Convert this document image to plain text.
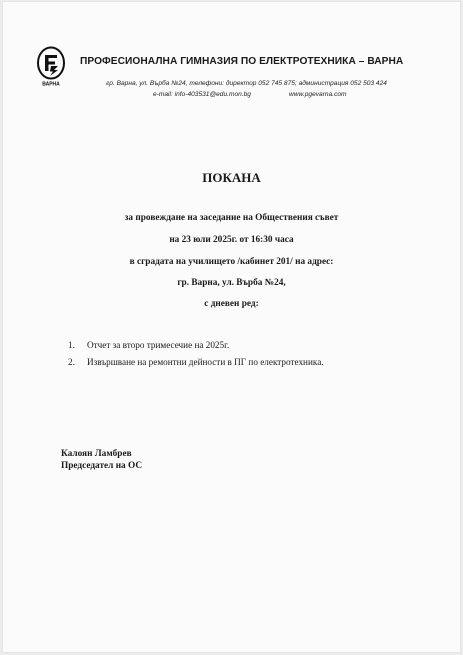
ВАРНА
ПРОФЕСИОНАЛНА ГИМНАЗИЯ ПО ЕЛЕКТРОТЕХНИКА – ВАРНА
гр. Варна, ул. Върба №24, телефони: директор 052 745 875; администрация 052 503 424
e-mail: info-403531@edu.mon.bg	www.pgevarna.com
ПОКАНА
за провеждане на заседание на Обществения съвет
на 23 юли 2025г. от 16:30 часа
в сградата на училището /кабинет 201/ на адрес:
гр. Варна, ул. Върба №24,
с дневен ред:
1.	Отчет за второ тримесечие на 2025г.
2.	Извършване на ремонтни дейности в ПГ по електротехника.
Калоян Ламбрев
Председател на ОС
